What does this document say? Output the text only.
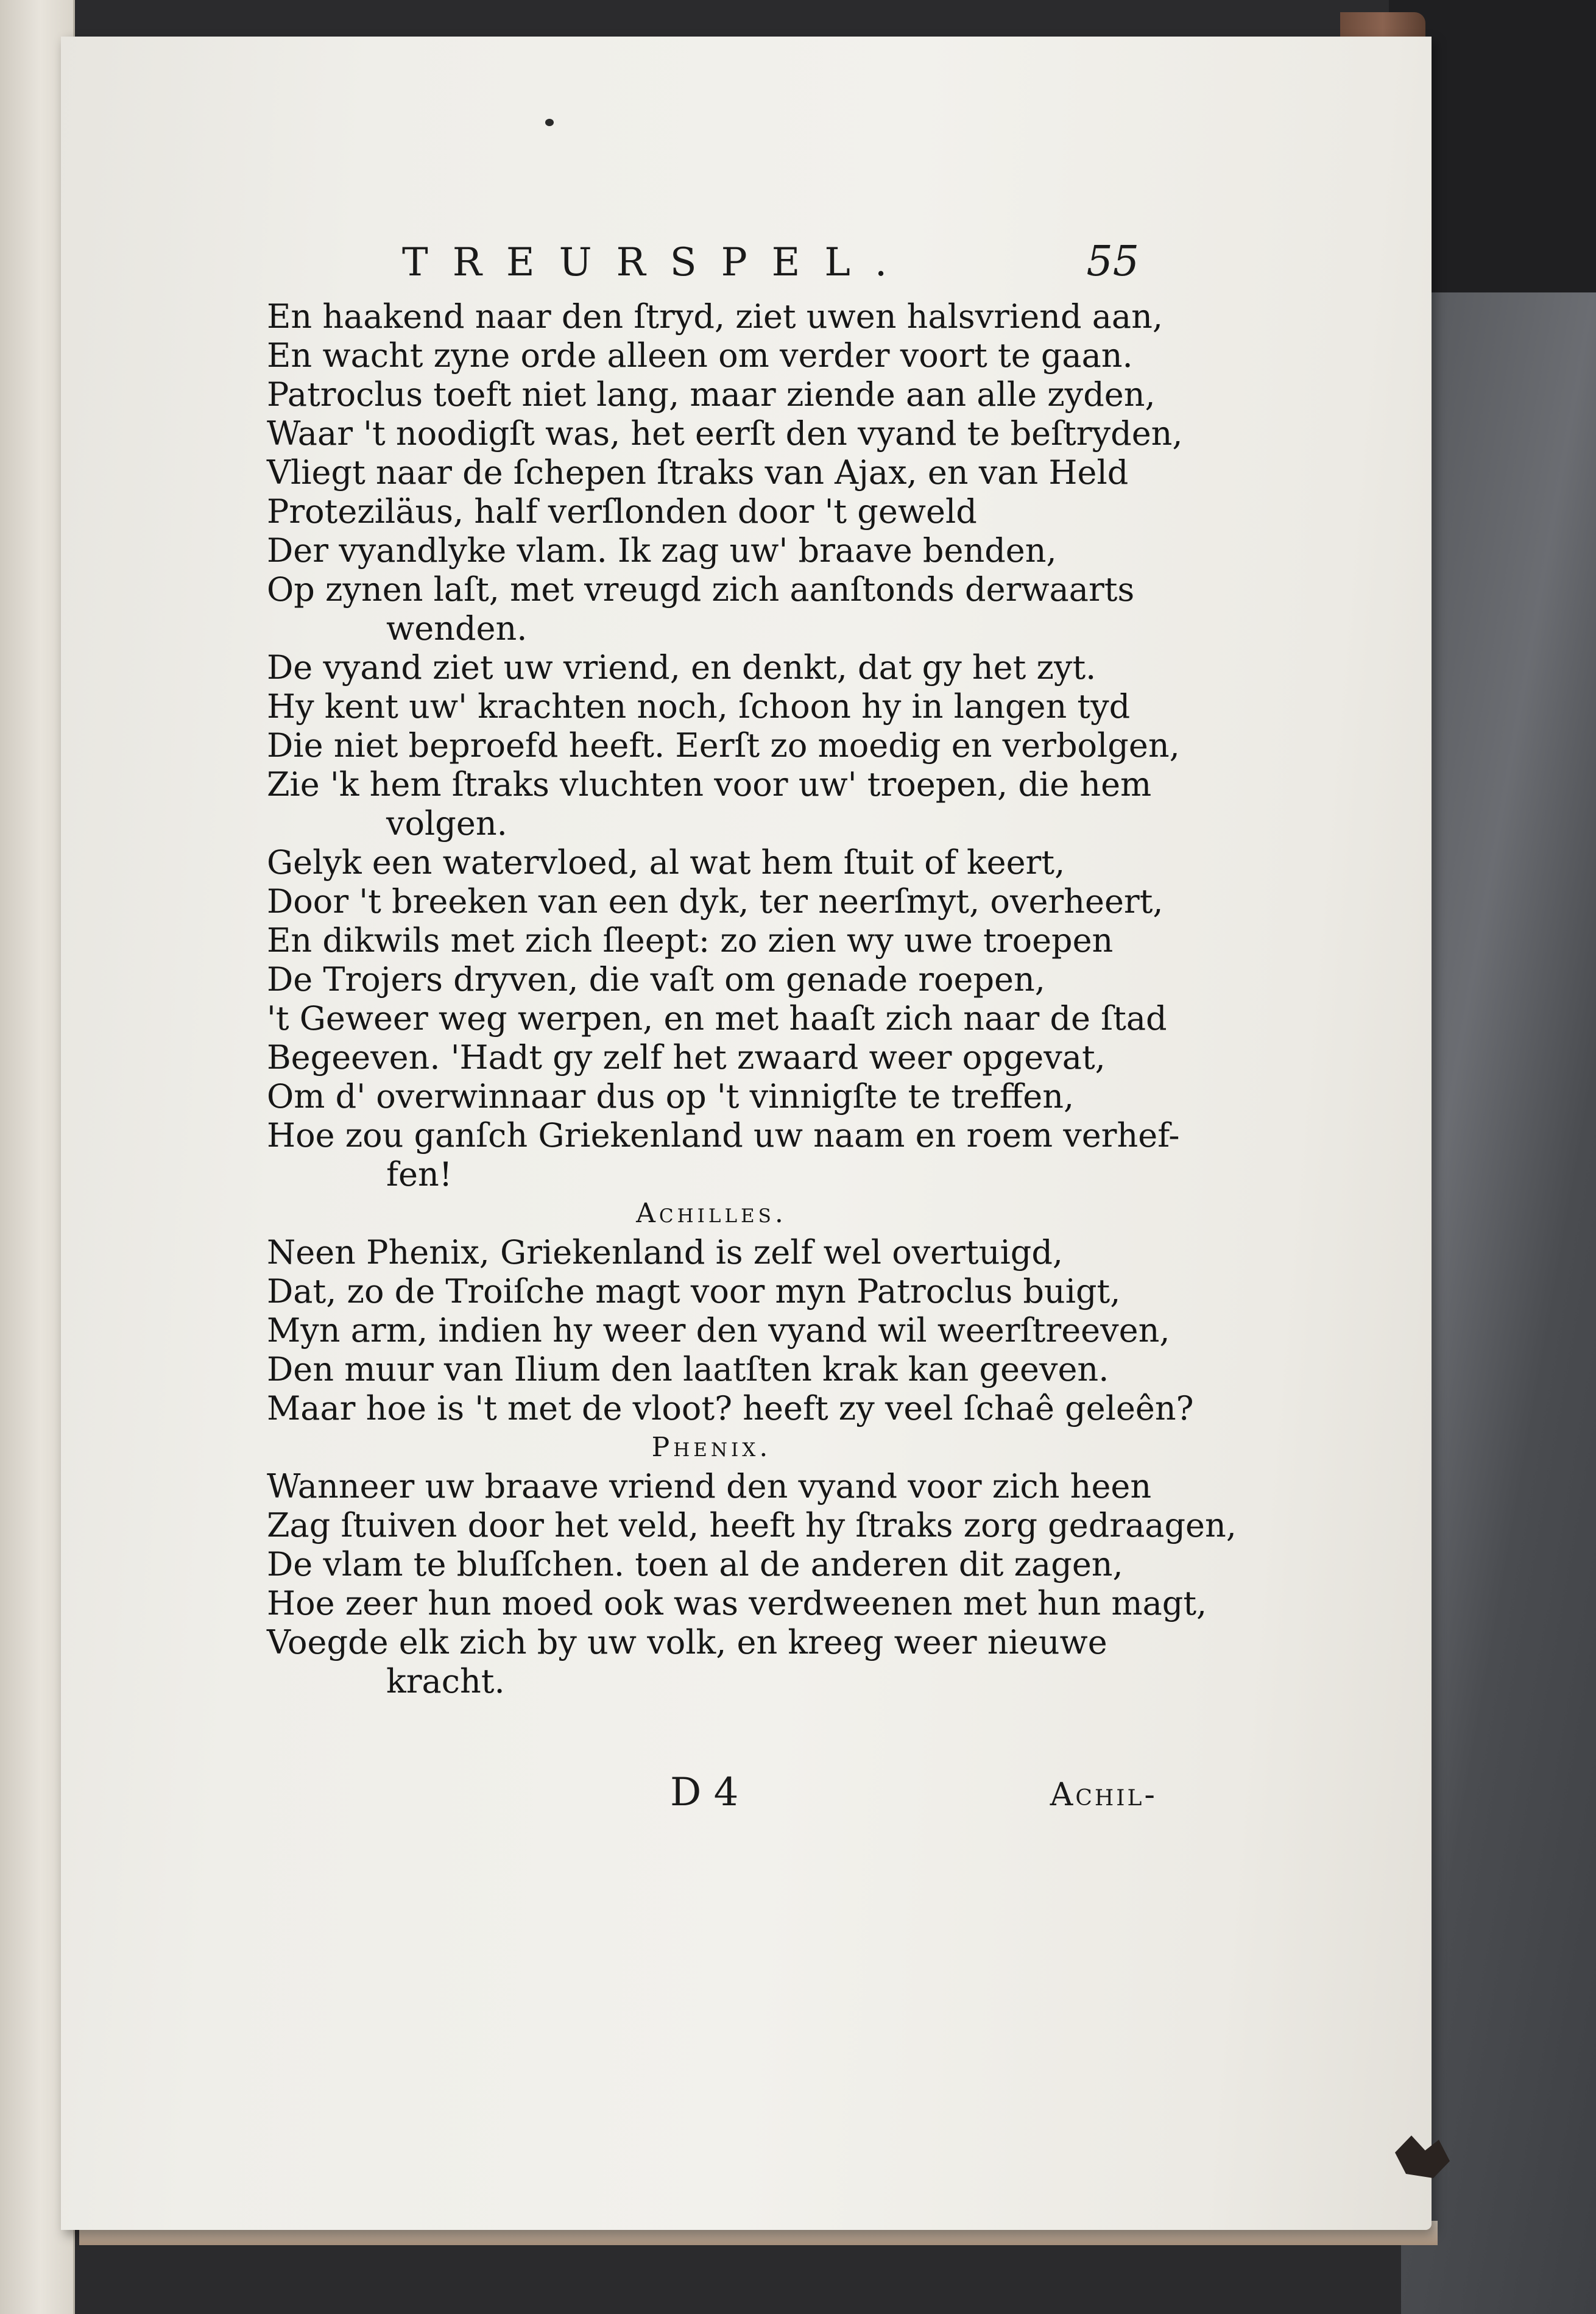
TREURSPEL.	55
En haakend naar den ſtryd, ziet uwen halsvriend aan,
En wacht zyne orde alleen om verder voort te gaan.
Patroclus toeft niet lang, maar ziende aan alle zyden,
Waar 't noodigſt was, het eerſt den vyand te beſtryden,
Vliegt naar de ſchepen ſtraks van Ajax, en van Held
Proteziläus, half verſlonden door 't geweld
Der vyandlyke vlam. Ik zag uw' braave benden,
Op zynen laſt, met vreugd zich aanſtonds derwaarts
wenden.
De vyand ziet uw vriend, en denkt, dat gy het zyt.
Hy kent uw' krachten noch, ſchoon hy in langen tyd
Die niet beproefd heeft. Eerſt zo moedig en verbolgen,
Zie 'k hem ſtraks vluchten voor uw' troepen, die hem
volgen.
Gelyk een watervloed, al wat hem ſtuit of keert,
Door 't breeken van een dyk, ter neerſmyt, overheert,
En dikwils met zich ſleept: zo zien wy uwe troepen
De Trojers dryven, die vaſt om genade roepen,
't Geweer weg werpen, en met haaſt zich naar de ſtad
Begeeven. 'Hadt gy zelf het zwaard weer opgevat,
Om d' overwinnaar dus op 't vinnigſte te treffen,
Hoe zou ganſch Griekenland uw naam en roem verhef-
fen!
Achilles.
Neen Phenix, Griekenland is zelf wel overtuigd,
Dat, zo de Troiſche magt voor myn Patroclus buigt,
Myn arm, indien hy weer den vyand wil weerſtreeven,
Den muur van Ilium den laatſten krak kan geeven.
Maar hoe is 't met de vloot? heeft zy veel ſchaê geleên?
Phenix.
Wanneer uw braave vriend den vyand voor zich heen
Zag ſtuiven door het veld, heeft hy ſtraks zorg gedraagen,
De vlam te bluſſchen. toen al de anderen dit zagen,
Hoe zeer hun moed ook was verdweenen met hun magt,
Voegde elk zich by uw volk, en kreeg weer nieuwe
kracht.
D 4	Achil-
